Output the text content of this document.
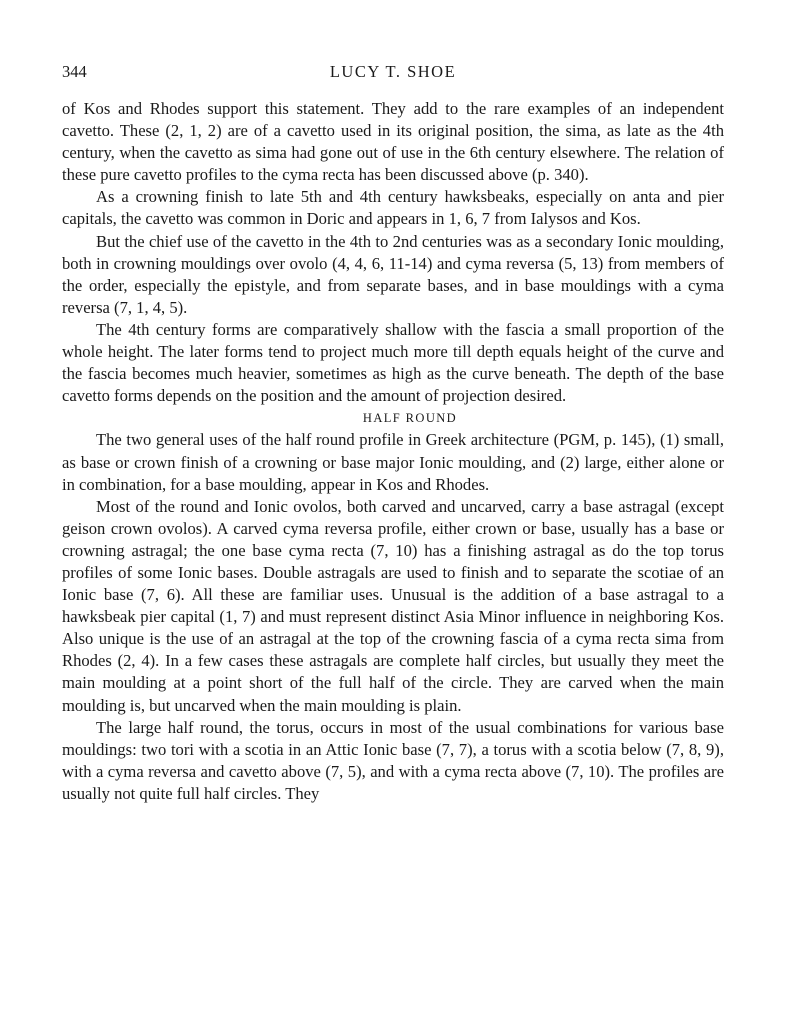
344	LUCY T. SHOE

of Kos and Rhodes support this statement. They add to the rare examples of an independent cavetto. These (2, 1, 2) are of a cavetto used in its original position, the sima, as late as the 4th century, when the cavetto as sima had gone out of use in the 6th century elsewhere. The relation of these pure cavetto profiles to the cyma recta has been discussed above (p. 340).

As a crowning finish to late 5th and 4th century hawksbeaks, especially on anta and pier capitals, the cavetto was common in Doric and appears in 1, 6, 7 from Ialysos and Kos.

But the chief use of the cavetto in the 4th to 2nd centuries was as a secondary Ionic moulding, both in crowning mouldings over ovolo (4, 4, 6, 11-14) and cyma reversa (5, 13) from members of the order, especially the epistyle, and from separate bases, and in base mouldings with a cyma reversa (7, 1, 4, 5).

The 4th century forms are comparatively shallow with the fascia a small proportion of the whole height. The later forms tend to project much more till depth equals height of the curve and the fascia becomes much heavier, sometimes as high as the curve beneath. The depth of the base cavetto forms depends on the position and the amount of projection desired.

HALF ROUND

The two general uses of the half round profile in Greek architecture (PGM, p. 145), (1) small, as base or crown finish of a crowning or base major Ionic moulding, and (2) large, either alone or in combination, for a base moulding, appear in Kos and Rhodes.

Most of the round and Ionic ovolos, both carved and uncarved, carry a base astragal (except geison crown ovolos). A carved cyma reversa profile, either crown or base, usually has a base or crowning astragal; the one base cyma recta (7, 10) has a finishing astragal as do the top torus profiles of some Ionic bases. Double astragals are used to finish and to separate the scotiae of an Ionic base (7, 6). All these are familiar uses. Unusual is the addition of a base astragal to a hawksbeak pier capital (1, 7) and must represent distinct Asia Minor influence in neighboring Kos. Also unique is the use of an astragal at the top of the crowning fascia of a cyma recta sima from Rhodes (2, 4). In a few cases these astragals are complete half circles, but usually they meet the main moulding at a point short of the full half of the circle. They are carved when the main moulding is, but uncarved when the main moulding is plain.

The large half round, the torus, occurs in most of the usual combinations for various base mouldings: two tori with a scotia in an Attic Ionic base (7, 7), a torus with a scotia below (7, 8, 9), with a cyma reversa and cavetto above (7, 5), and with a cyma recta above (7, 10). The profiles are usually not quite full half circles. They
